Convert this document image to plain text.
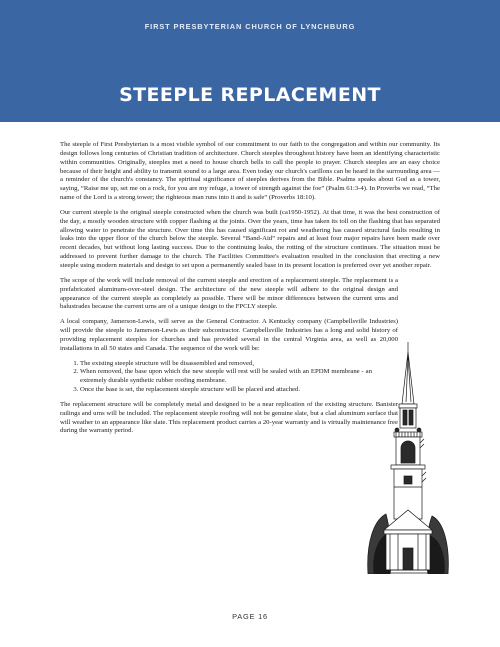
FIRST PRESBYTERIAN CHURCH OF LYNCHBURG
STEEPLE REPLACEMENT

The steeple of First Presbyterian is a most visible symbol of our commitment to our faith to the congregation and within our community. Its design follows long centuries of Christian tradition of architecture. Church steeples throughout history have been an identifying characteristic within communities. Originally, steeples met a need to house church bells to call the people to prayer. Church steeples are an easy choice because of their height and ability to transmit sound to a large area. Even today our church's carillons can be heard in the surrounding area — a reminder of the church's constancy. The spiritual significance of steeples derives from the Bible. Psalms speaks about God as a tower, saying, “Raise me up, set me on a rock, for you are my refuge, a tower of strength against the foe” (Psalm 61:3-4). In Proverbs we read, “The name of the Lord is a strong tower; the righteous man runs into it and is safe” (Proverbs 18:10).

Our current steeple is the original steeple constructed when the church was built (ca1950-1952). At that time, it was the best construction of the day, a mostly wooden structure with copper flashing at the joints. Over the years, time has taken its toll on the flashing that has separated allowing water to penetrate the structure. Over time this has caused significant rot and weathering has caused structural faults resulting in leaks into the upper floor of the church below the steeple. Several “Band-Aid” repairs and at least four major repairs have been made over recent decades, but without long lasting success. Due to the continuing leaks, the rotting of the structure continues. The situation must be addressed to prevent further damage to the church. The Facilities Committee's evaluation resulted in the conclusion that erecting a new steeple using modern materials and design to set upon a permanently sealed base in its present location is preferred over yet another repair.

The scope of the work will include removal of the current steeple and erection of a replacement steeple. The replacement is a prefabricated aluminum-over-steel design. The architecture of the new steeple will adhere to the original design and appearance of the current steeple as completely as possible. There will be minor differences between the current urns and balustrades because the current urns are of a unique design to the FPCLY steeple.

A local company, Jamerson-Lewis, will serve as the General Contractor. A Kentucky company (Campbellsville Industries) will provide the steeple to Jamerson-Lewis as their subcontractor. Campbellsville Industries has a long and solid history of providing replacement steeples for churches and has provided several in the central Virginia area, as well as 20,000 installations in all 50 states and Canada. The sequence of the work will be:

1. The existing steeple structure will be disassembled and removed,
2. When removed, the base upon which the new steeple will rest will be sealed with an EPDM membrane - an extremely durable synthetic rubber roofing membrane.
3. Once the base is set, the replacement steeple structure will be placed and attached.

The replacement structure will be completely metal and designed to be a near replication of the existing structure. Banister railings and urns will be included. The replacement steeple roofing will not be genuine slate, but a clad aluminum surface that will weather to an appearance like slate. This replacement product carries a 20-year warranty and is virtually maintenance free during the warranty period.

PAGE 16
